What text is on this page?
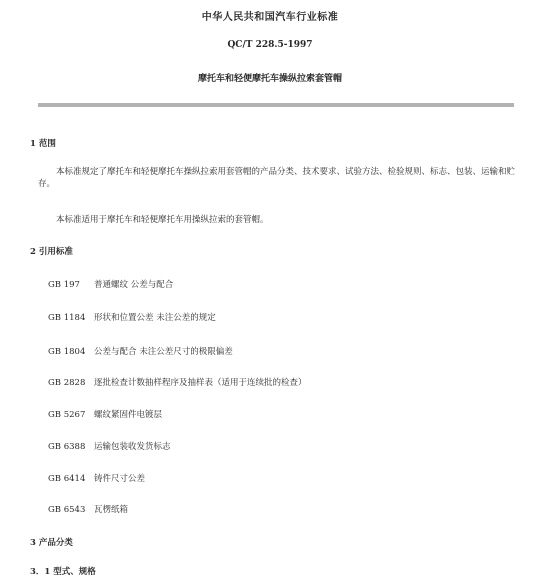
中华人民共和国汽车行业标准
QC/T 228.5-1997
摩托车和轻便摩托车操纵拉索套管帽
1 范围
本标准规定了摩托车和轻便摩托车操纵拉索用套管帽的产品分类、技术要求、试验方法、检验规则、标志、包装、运输和贮存。
本标准适用于摩托车和轻便摩托车用操纵拉索的套管帽。
2 引用标准
GB 197 普通螺纹 公差与配合
GB 1184 形状和位置公差 未注公差的规定
GB 1804 公差与配合 未注公差尺寸的极限偏差
GB 2828 逐批检查计数抽样程序及抽样表（适用于连续批的检查）
GB 5267 螺纹紧固件电镀层
GB 6388 运输包装收发货标志
GB 6414 铸件尺寸公差
GB 6543 瓦楞纸箱
3 产品分类
3．1 型式、规格
